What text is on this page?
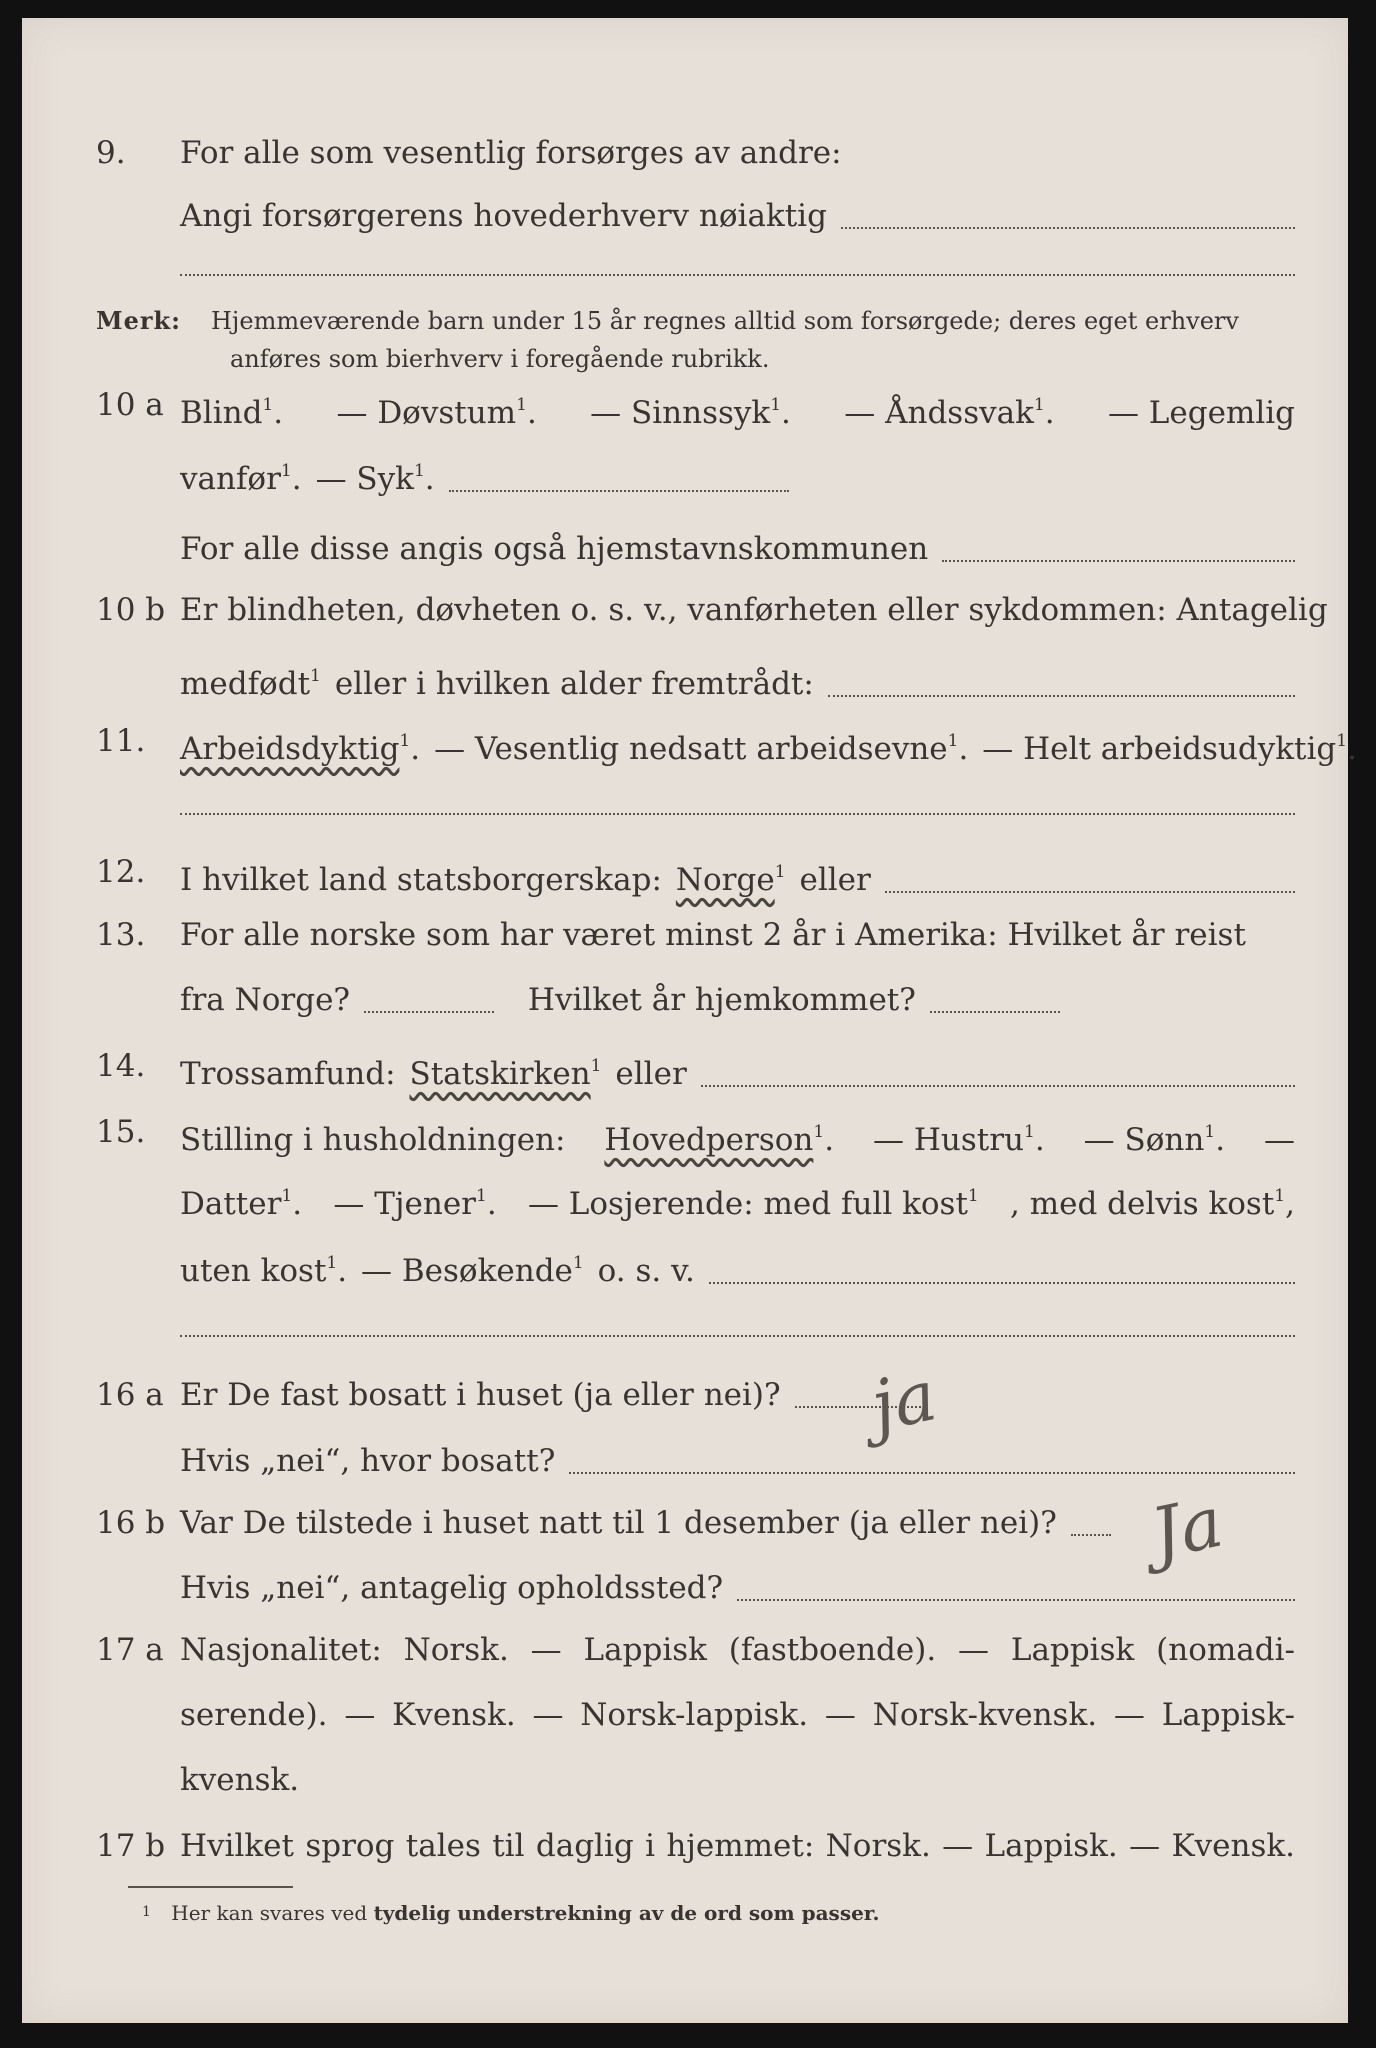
9. For alle som vesentlig forsørges av andre:
Angi forsørgerens hovederhverv nøiaktig
Merk: Hjemmeværende barn under 15 år regnes alltid som forsørgede; deres eget erhverv
anføres som bierhverv i foregående rubrikk.
10 a Blind$^1$. — Døvstum$^1$. — Sinnssyk$^1$. — Åndssvak$^1$. — Legemlig
vanfør$^1$. — Syk$^1$.
For alle disse angis også hjemstavnskommunen
10 b Er blindheten, døvheten o. s. v., vanførheten eller sykdommen: Antagelig
medfødt$^1$ eller i hvilken alder fremtrådt:
11. Arbeidsdyktig$^1$. — Vesentlig nedsatt arbeidsevne$^1$. — Helt arbeidsudyktig$^1$.
12. I hvilket land statsborgerskap: Norge$^1$ eller
13. For alle norske som har været minst 2 år i Amerika: Hvilket år reist
fra Norge?	Hvilket år hjemkommet?
14. Trossamfund: Statskirken$^1$ eller
15. Stilling i husholdningen: Hovedperson$^1$. — Hustru$^1$. — Sønn$^1$. —
Datter$^1$. — Tjener$^1$. — Losjerende: med full kost$^1$ , med delvis kost$^1$,
uten kost$^1$. — Besøkende$^1$ o. s. v.
16 a Er De fast bosatt i huset (ja eller nei)? ja
Hvis „nei“, hvor bosatt?
16 b Var De tilstede i huset natt til 1 desember (ja eller nei)? Ja
Hvis „nei“, antagelig opholdssted?
17 a Nasjonalitet: Norsk. — Lappisk (fastboende). — Lappisk (nomadi-
serende). — Kvensk. — Norsk-lappisk. — Norsk-kvensk. — Lappisk-
kvensk.
17 b Hvilket sprog tales til daglig i hjemmet: Norsk. — Lappisk. — Kvensk.
$^1$ Her kan svares ved tydelig understrekning av de ord som passer.
